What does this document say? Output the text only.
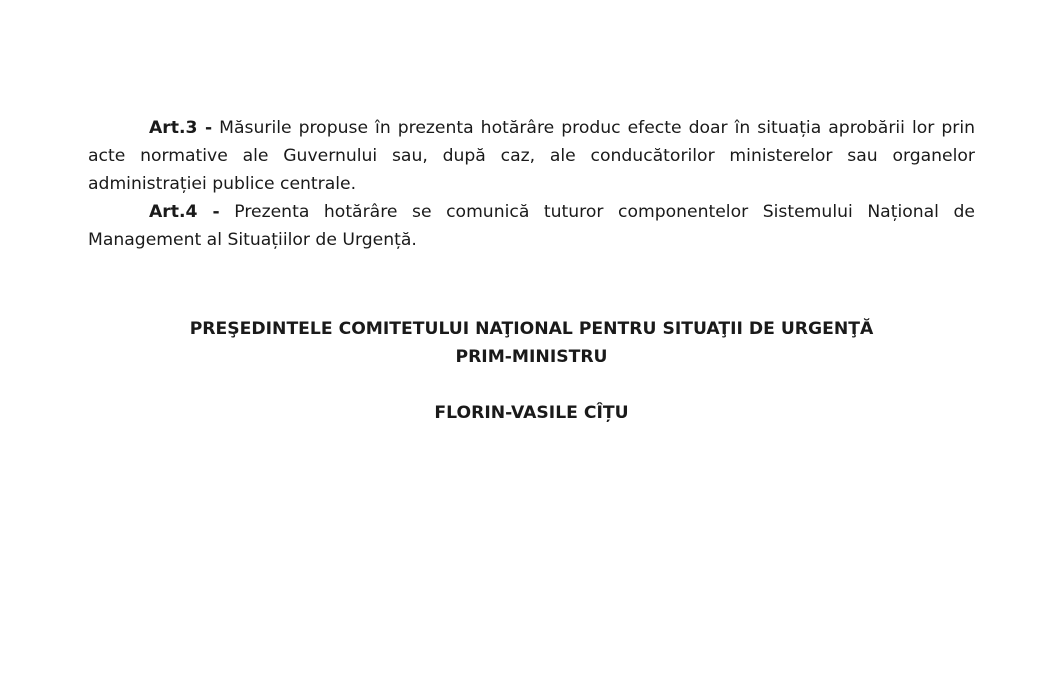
Art.3 - Măsurile propuse în prezenta hotărâre produc efecte doar în situația aprobării lor prin acte normative ale Guvernului sau, după caz, ale conducătorilor ministerelor sau organelor administrației publice centrale.

Art.4 - Prezenta hotărâre se comunică tuturor componentelor Sistemului Național de Management al Situațiilor de Urgență.

PREŞEDINTELE COMITETULUI NAŢIONAL PENTRU SITUAŢII DE URGENŢĂ
PRIM-MINISTRU
FLORIN-VASILE CÎȚU
